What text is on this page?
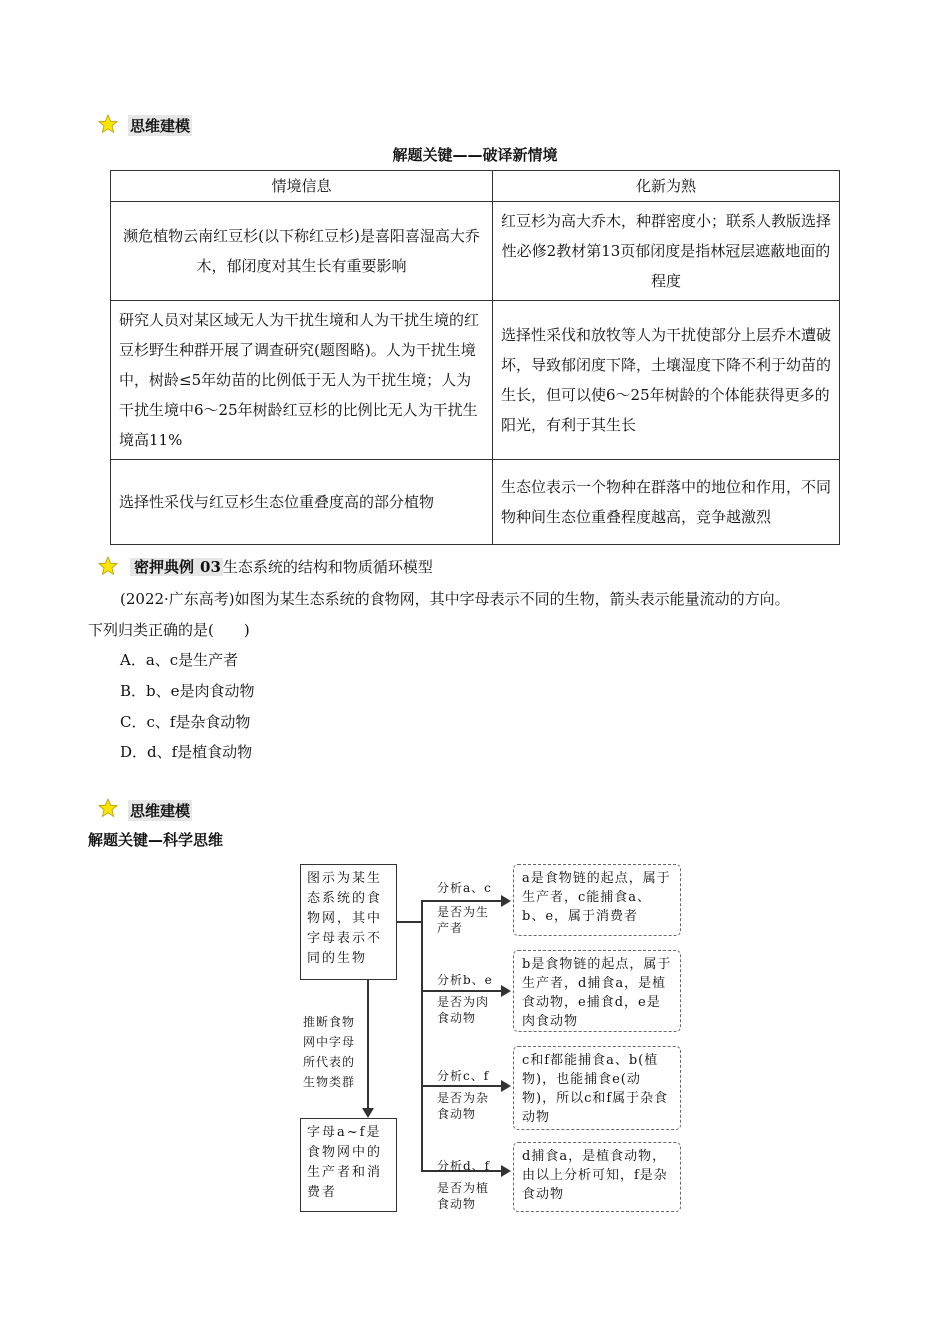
思维建模
解题关键——破译新情境
情境信息	化新为熟
濒危植物云南红豆杉(以下称红豆杉)是喜阳喜湿高大乔木，郁闭度对其生长有重要影响	红豆杉为高大乔木，种群密度小；联系人教版选择性必修2教材第13页郁闭度是指林冠层遮蔽地面的程度
研究人员对某区域无人为干扰生境和人为干扰生境的红豆杉野生种群开展了调查研究(题图略)。人为干扰生境中，树龄≤5年幼苗的比例低于无人为干扰生境；人为干扰生境中6～25年树龄红豆杉的比例比无人为干扰生境高11%	选择性采伐和放牧等人为干扰使部分上层乔木遭破坏，导致郁闭度下降，土壤湿度下降不利于幼苗的生长，但可以使6～25年树龄的个体能获得更多的阳光，有利于其生长
选择性采伐与红豆杉生态位重叠度高的部分植物	生态位表示一个物种在群落中的地位和作用，不同物种间生态位重叠程度越高，竞争越激烈
密押典例 03 生态系统的结构和物质循环模型
(2022·广东高考)如图为某生态系统的食物网，其中字母表示不同的生物，箭头表示能量流动的方向。
下列归类正确的是(　　)
A．a、c是生产者
B．b、e是肉食动物
C．c、f是杂食动物
D．d、f是植食动物
思维建模
解题关键—科学思维
图示为某生态系统的食物网，其中字母表示不同的生物
推断食物网中字母所代表的生物类群
字母a~f是食物网中的生产者和消费者
分析a、c
是否为生产者
a是食物链的起点，属于生产者，c能捕食a、b、e，属于消费者
分析b、e
是否为肉食动物
b是食物链的起点，属于生产者，d捕食a，是植食动物，e捕食d，e是肉食动物
分析c、f
是否为杂食动物
c和f都能捕食a、b(植物)，也能捕食e(动物)，所以c和f属于杂食动物
分析d、f
是否为植食动物
d捕食a，是植食动物，由以上分析可知，f是杂食动物
